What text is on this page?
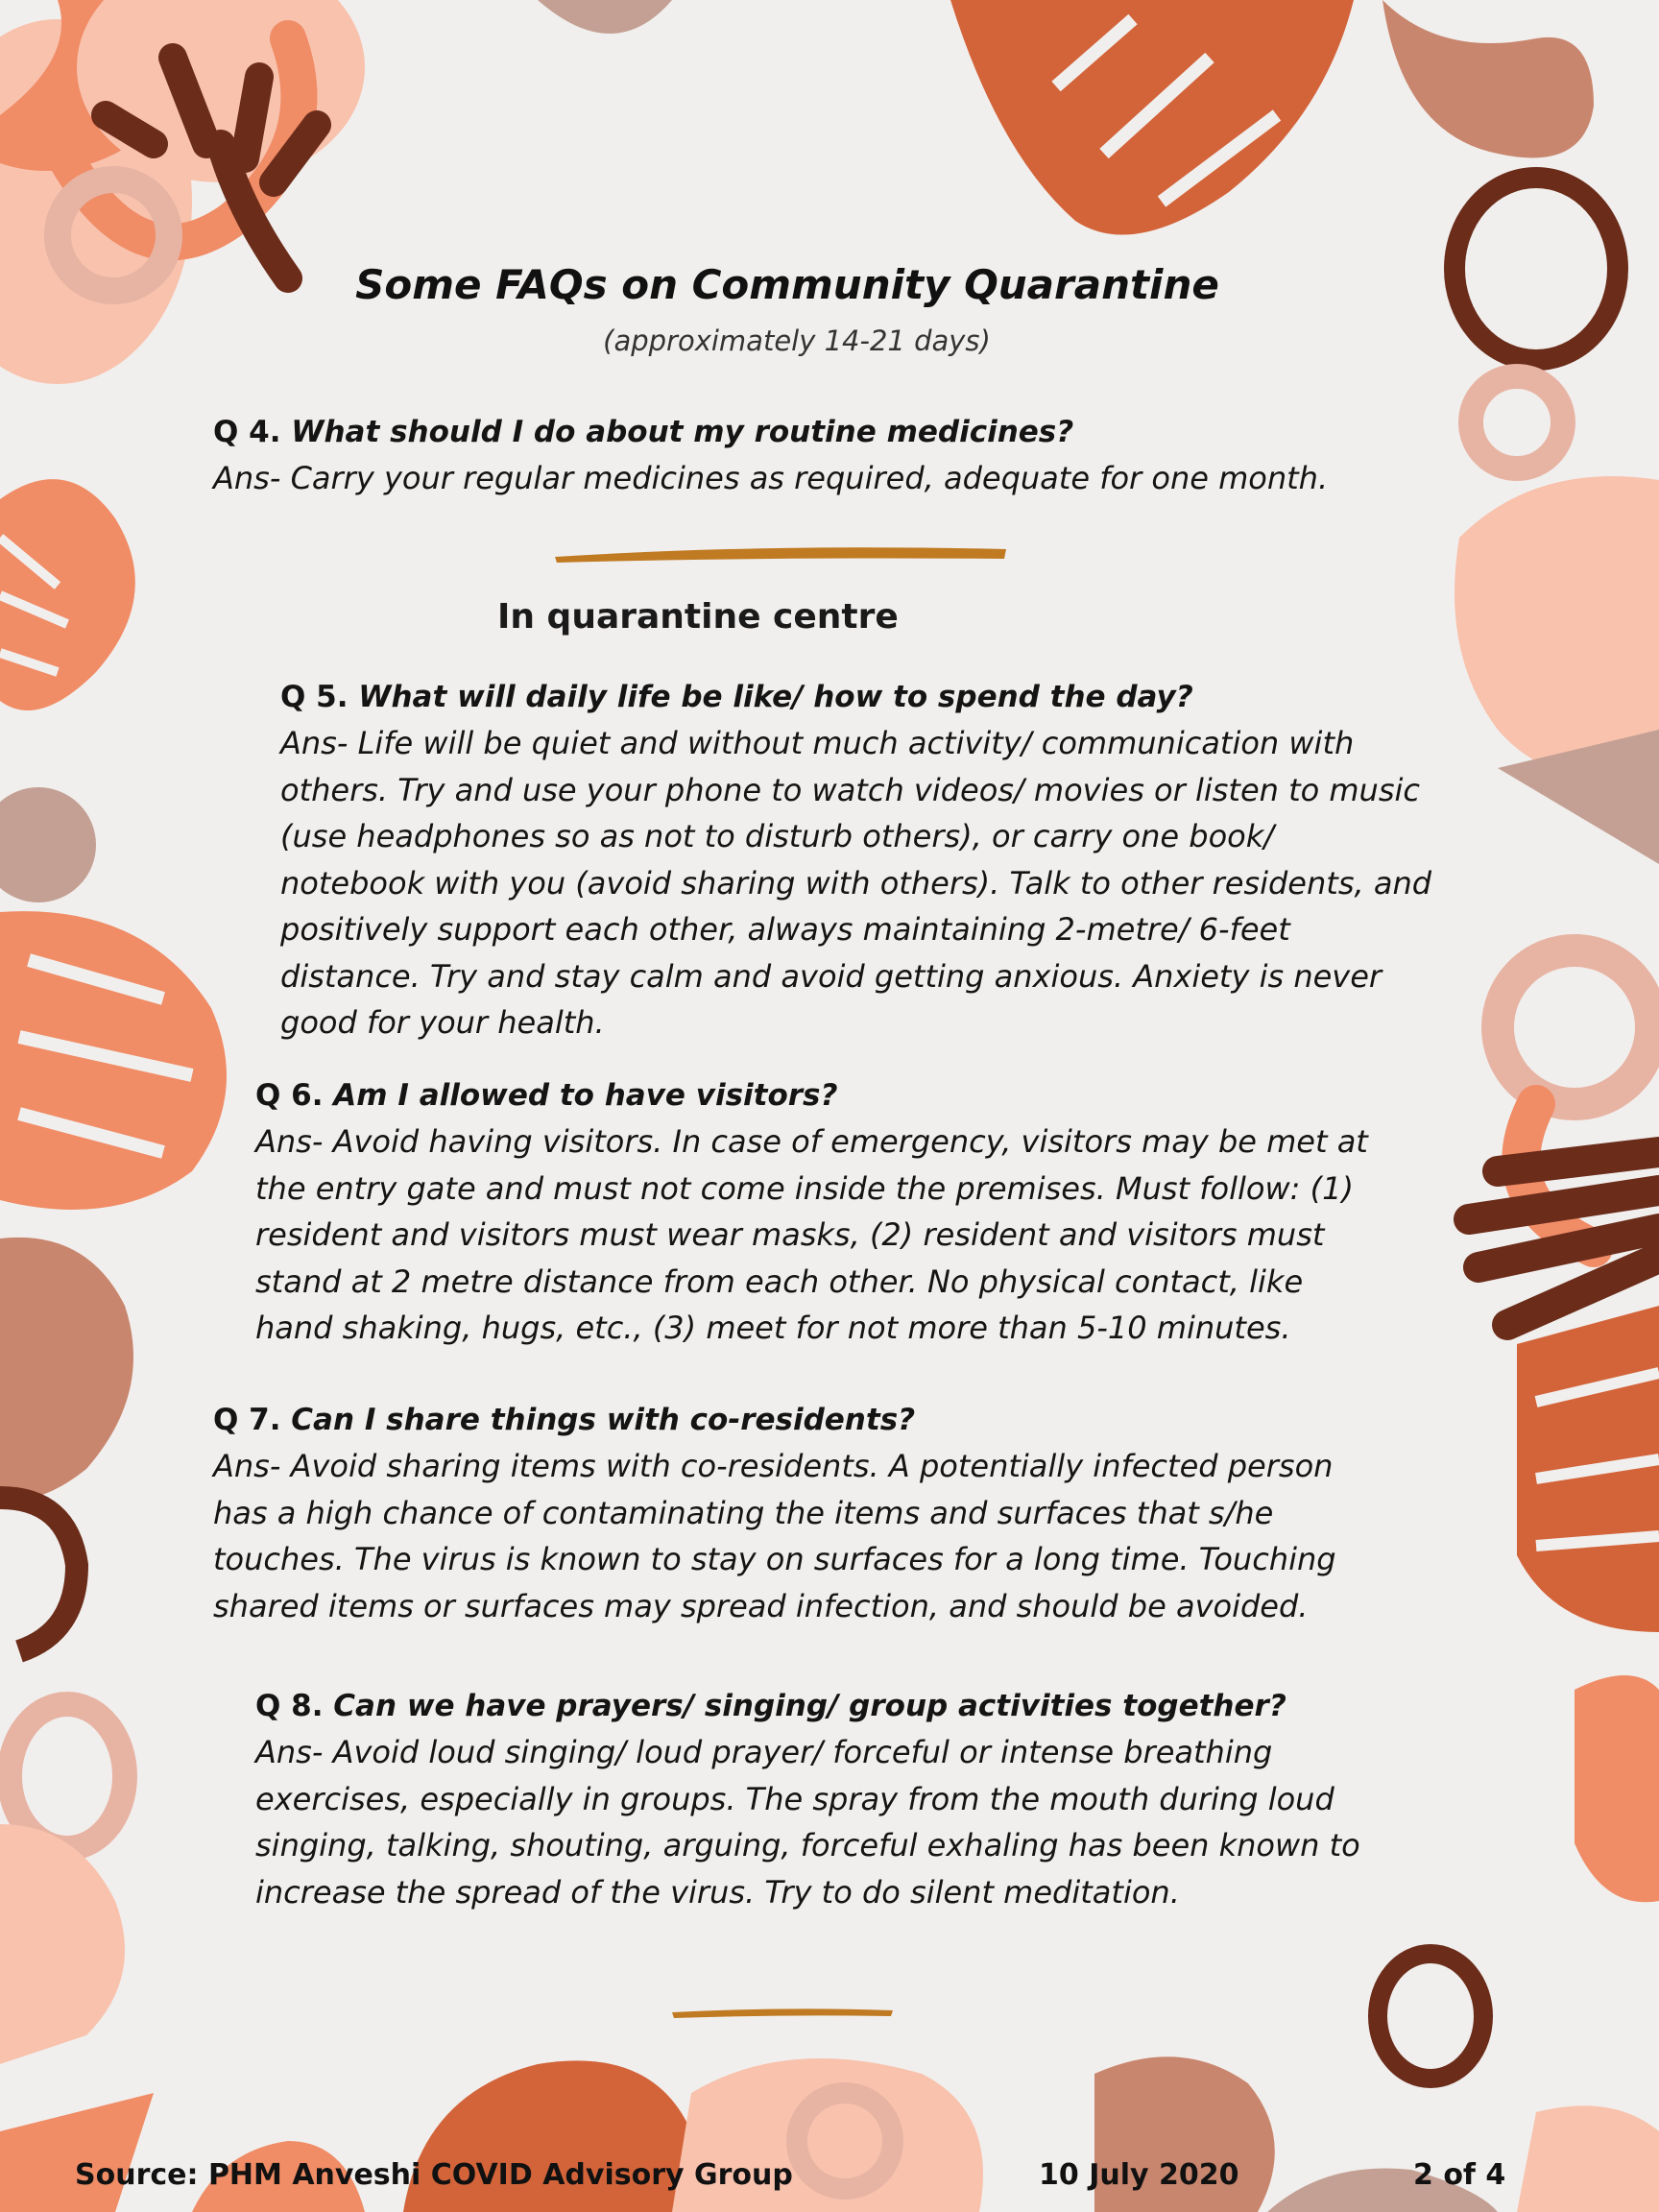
Some FAQs on Community Quarantine
(approximately 14-21 days)
Q 4. What should I do about my routine medicines?
Ans- Carry your regular medicines as required, adequate for one month.
In quarantine centre
Q 5. What will daily life be like/ how to spend the day?
Ans- Life will be quiet and without much activity/ communication with
others. Try and use your phone to watch videos/ movies or listen to music
(use headphones so as not to disturb others), or carry one book/
notebook with you (avoid sharing with others). Talk to other residents, and
positively support each other, always maintaining 2-metre/ 6-feet
distance. Try and stay calm and avoid getting anxious. Anxiety is never
good for your health.
Q 6. Am I allowed to have visitors?
Ans- Avoid having visitors. In case of emergency, visitors may be met at
the entry gate and must not come inside the premises. Must follow: (1)
resident and visitors must wear masks, (2) resident and visitors must
stand at 2 metre distance from each other. No physical contact, like
hand shaking, hugs, etc., (3) meet for not more than 5-10 minutes.
Q 7. Can I share things with co-residents?
Ans- Avoid sharing items with co-residents. A potentially infected person
has a high chance of contaminating the items and surfaces that s/he
touches. The virus is known to stay on surfaces for a long time. Touching
shared items or surfaces may spread infection, and should be avoided.
Q 8. Can we have prayers/ singing/ group activities together?
Ans- Avoid loud singing/ loud prayer/ forceful or intense breathing
exercises, especially in groups. The spray from the mouth during loud
singing, talking, shouting, arguing, forceful exhaling has been known to
increase the spread of the virus. Try to do silent meditation.
Source: PHM Anveshi COVID Advisory Group	10 July 2020	2 of 4
